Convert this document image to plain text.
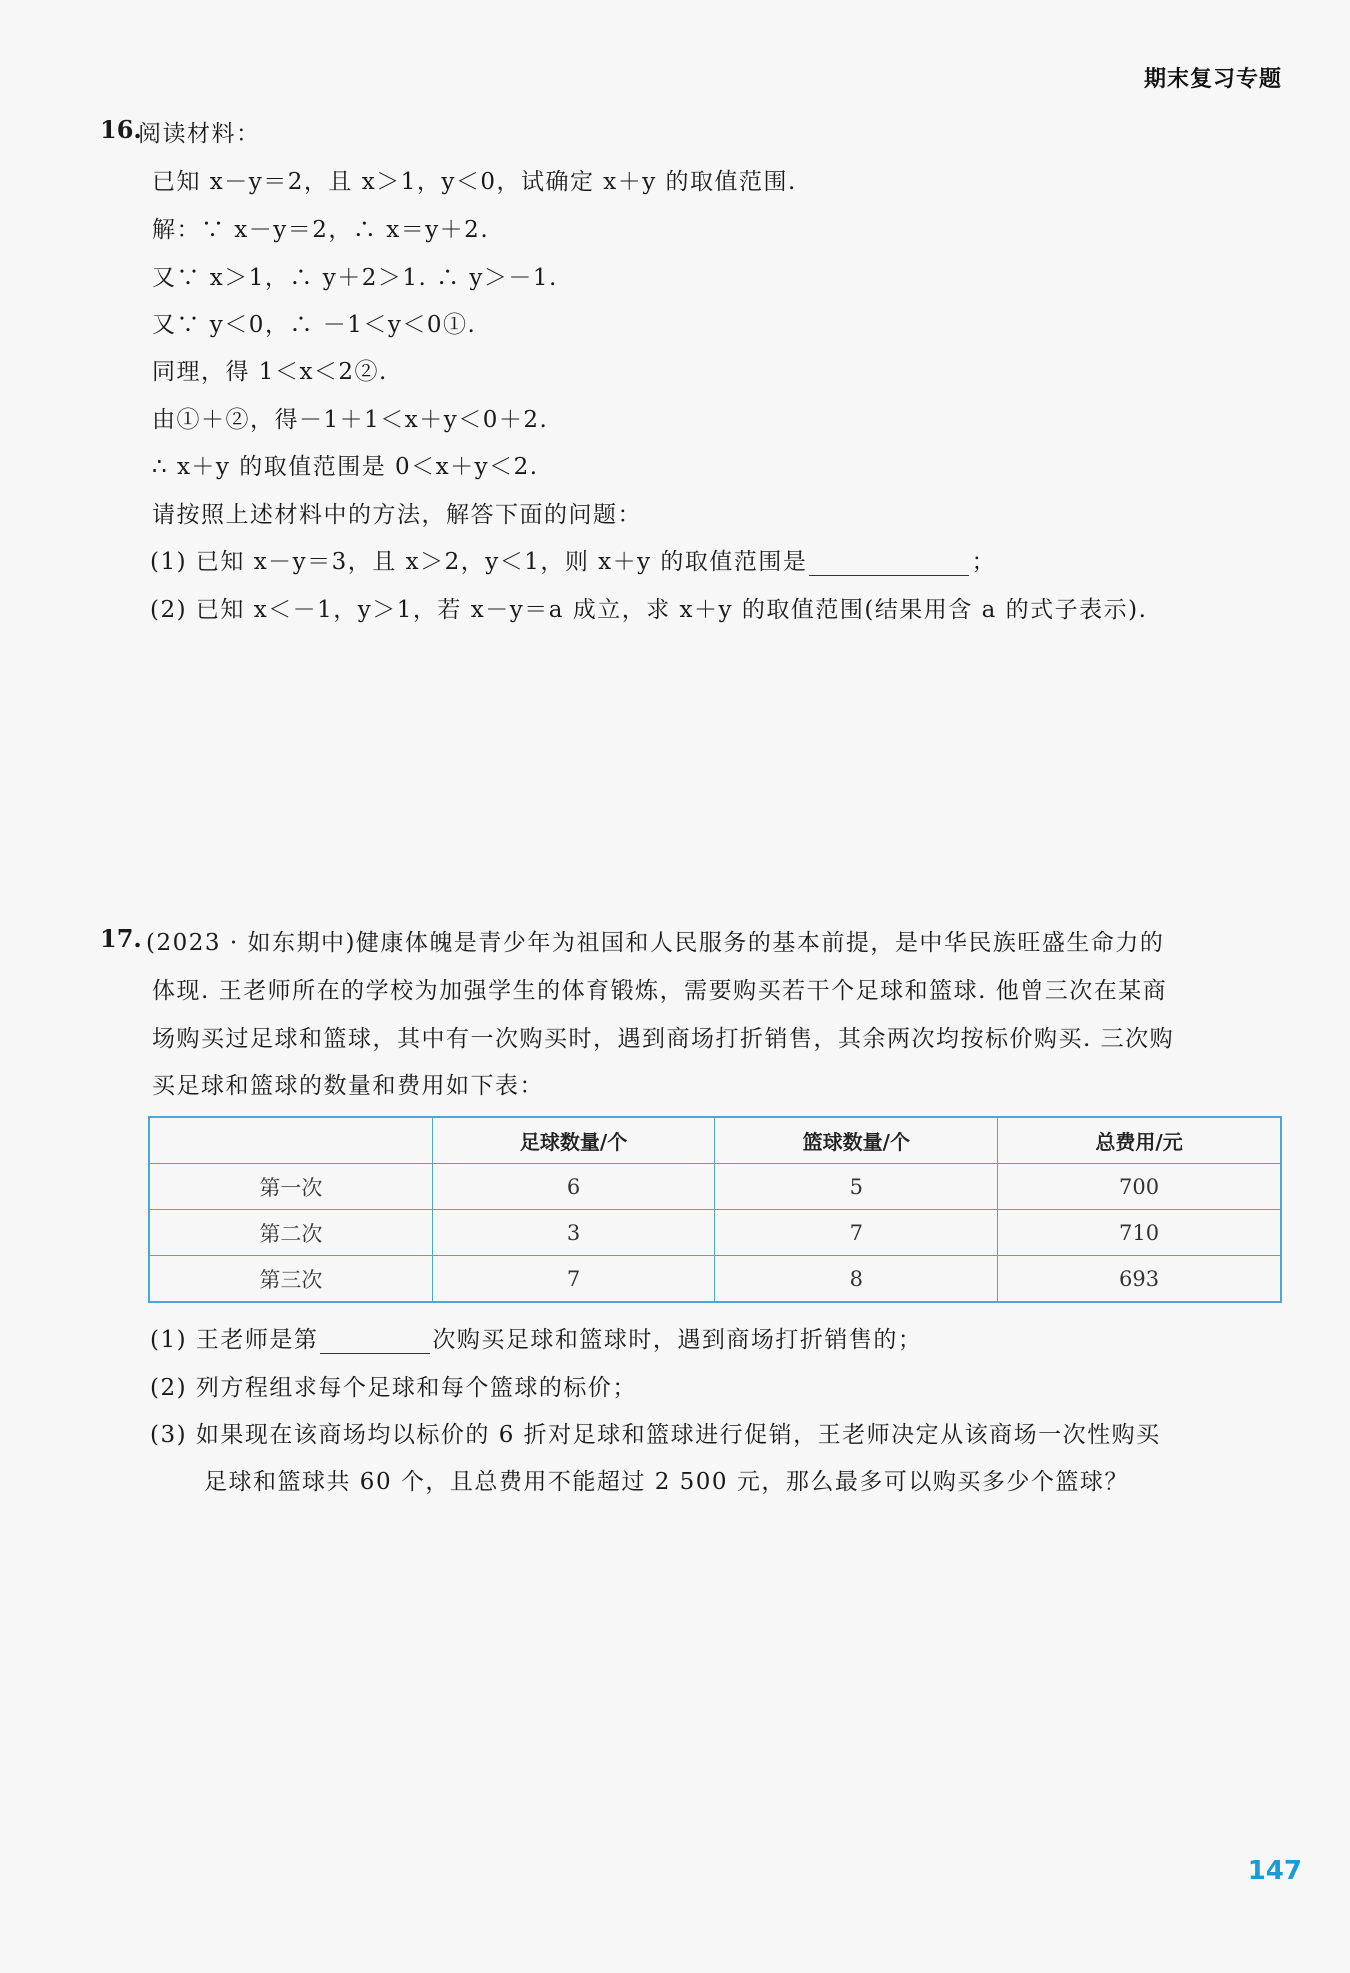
期末复习专题
16.
阅读材料：
已知 x－y＝2，且 x＞1，y＜0，试确定 x＋y 的取值范围.
解：∵ x－y＝2，∴ x＝y＋2.
又∵ x＞1，∴ y＋2＞1. ∴ y＞－1.
又∵ y＜0，∴ －1＜y＜0①.
同理，得 1＜x＜2②.
由①＋②，得－1＋1＜x＋y＜0＋2.
∴ x＋y 的取值范围是 0＜x＋y＜2.
请按照上述材料中的方法，解答下面的问题：
(1) 已知 x－y＝3，且 x＞2，y＜1，则 x＋y 的取值范围是	；
(2) 已知 x＜－1，y＞1，若 x－y＝a 成立，求 x＋y 的取值范围(结果用含 a 的式子表示).
17. (2023 · 如东期中)健康体魄是青少年为祖国和人民服务的基本前提，是中华民族旺盛生命力的
体现. 王老师所在的学校为加强学生的体育锻炼，需要购买若干个足球和篮球. 他曾三次在某商
场购买过足球和篮球，其中有一次购买时，遇到商场打折销售，其余两次均按标价购买. 三次购
买足球和篮球的数量和费用如下表：
	足球数量/个	篮球数量/个	总费用/元
第一次	6	5	700
第二次	3	7	710
第三次	7	8	693
(1) 王老师是第	次购买足球和篮球时，遇到商场打折销售的；
(2) 列方程组求每个足球和每个篮球的标价；
(3) 如果现在该商场均以标价的 6 折对足球和篮球进行促销，王老师决定从该商场一次性购买
足球和篮球共 60 个，且总费用不能超过 2 500 元，那么最多可以购买多少个篮球？
147
